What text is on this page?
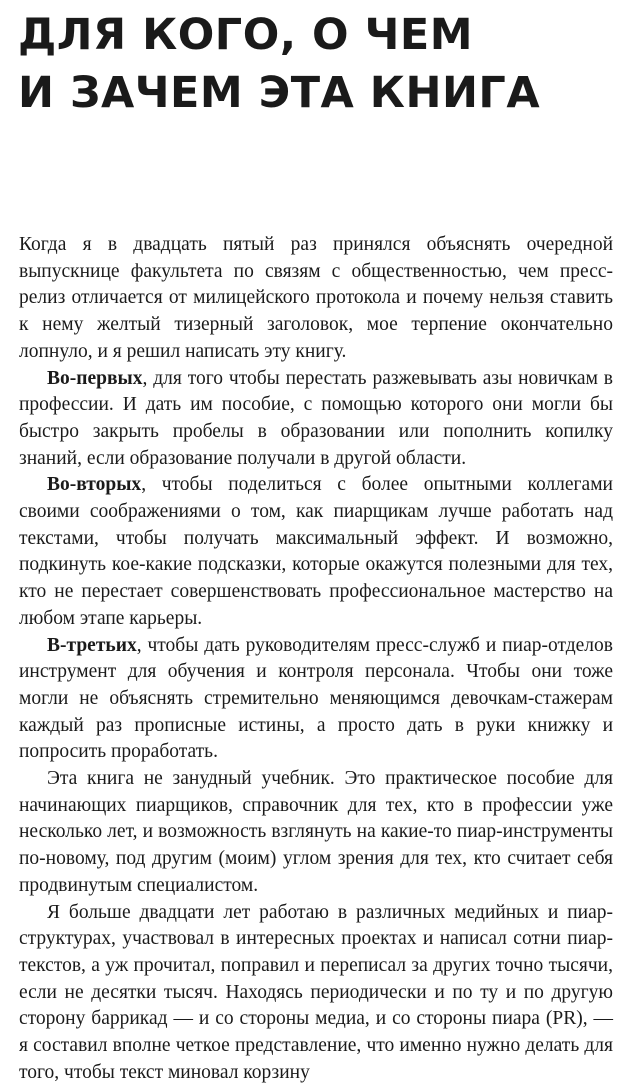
ДЛЯ КОГО, О ЧЕМ
И ЗАЧЕМ ЭТА КНИГА

Когда я в двадцать пятый раз принялся объяснять очередной выпускнице факультета по связям с общественностью, чем пресс-релиз отличается от милицейского протокола и почему нельзя ставить к нему желтый тизерный заголовок, мое терпение окончательно лопнуло, и я решил написать эту книгу.

Во-первых, для того чтобы перестать разжевывать азы новичкам в профессии. И дать им пособие, с помощью которого они могли бы быстро закрыть пробелы в образовании или пополнить копилку знаний, если образование получали в другой области.

Во-вторых, чтобы поделиться с более опытными коллегами своими соображениями о том, как пиарщикам лучше работать над текстами, чтобы получать максимальный эффект. И возможно, подкинуть кое-какие подсказки, которые окажутся полезными для тех, кто не перестает совершенствовать профессиональное мастерство на любом этапе карьеры.

В-третьих, чтобы дать руководителям пресс-служб и пиар-отделов инструмент для обучения и контроля персонала. Чтобы они тоже могли не объяснять стремительно меняющимся девочкам-стажерам каждый раз прописные истины, а просто дать в руки книжку и попросить проработать.

Эта книга не занудный учебник. Это практическое пособие для начинающих пиарщиков, справочник для тех, кто в профессии уже несколько лет, и возможность взглянуть на какие-то пиар-инструменты по-новому, под другим (моим) углом зрения для тех, кто считает себя продвинутым специалистом.

Я больше двадцати лет работаю в различных медийных и пиар-структурах, участвовал в интересных проектах и написал сотни пиар-текстов, а уж прочитал, поправил и переписал за других точно тысячи, если не десятки тысяч. Находясь периодически и по ту и по другую сторону баррикад — и со стороны медиа, и со стороны пиара (PR), — я составил вполне четкое представление, что именно нужно делать для того, чтобы текст миновал корзину
